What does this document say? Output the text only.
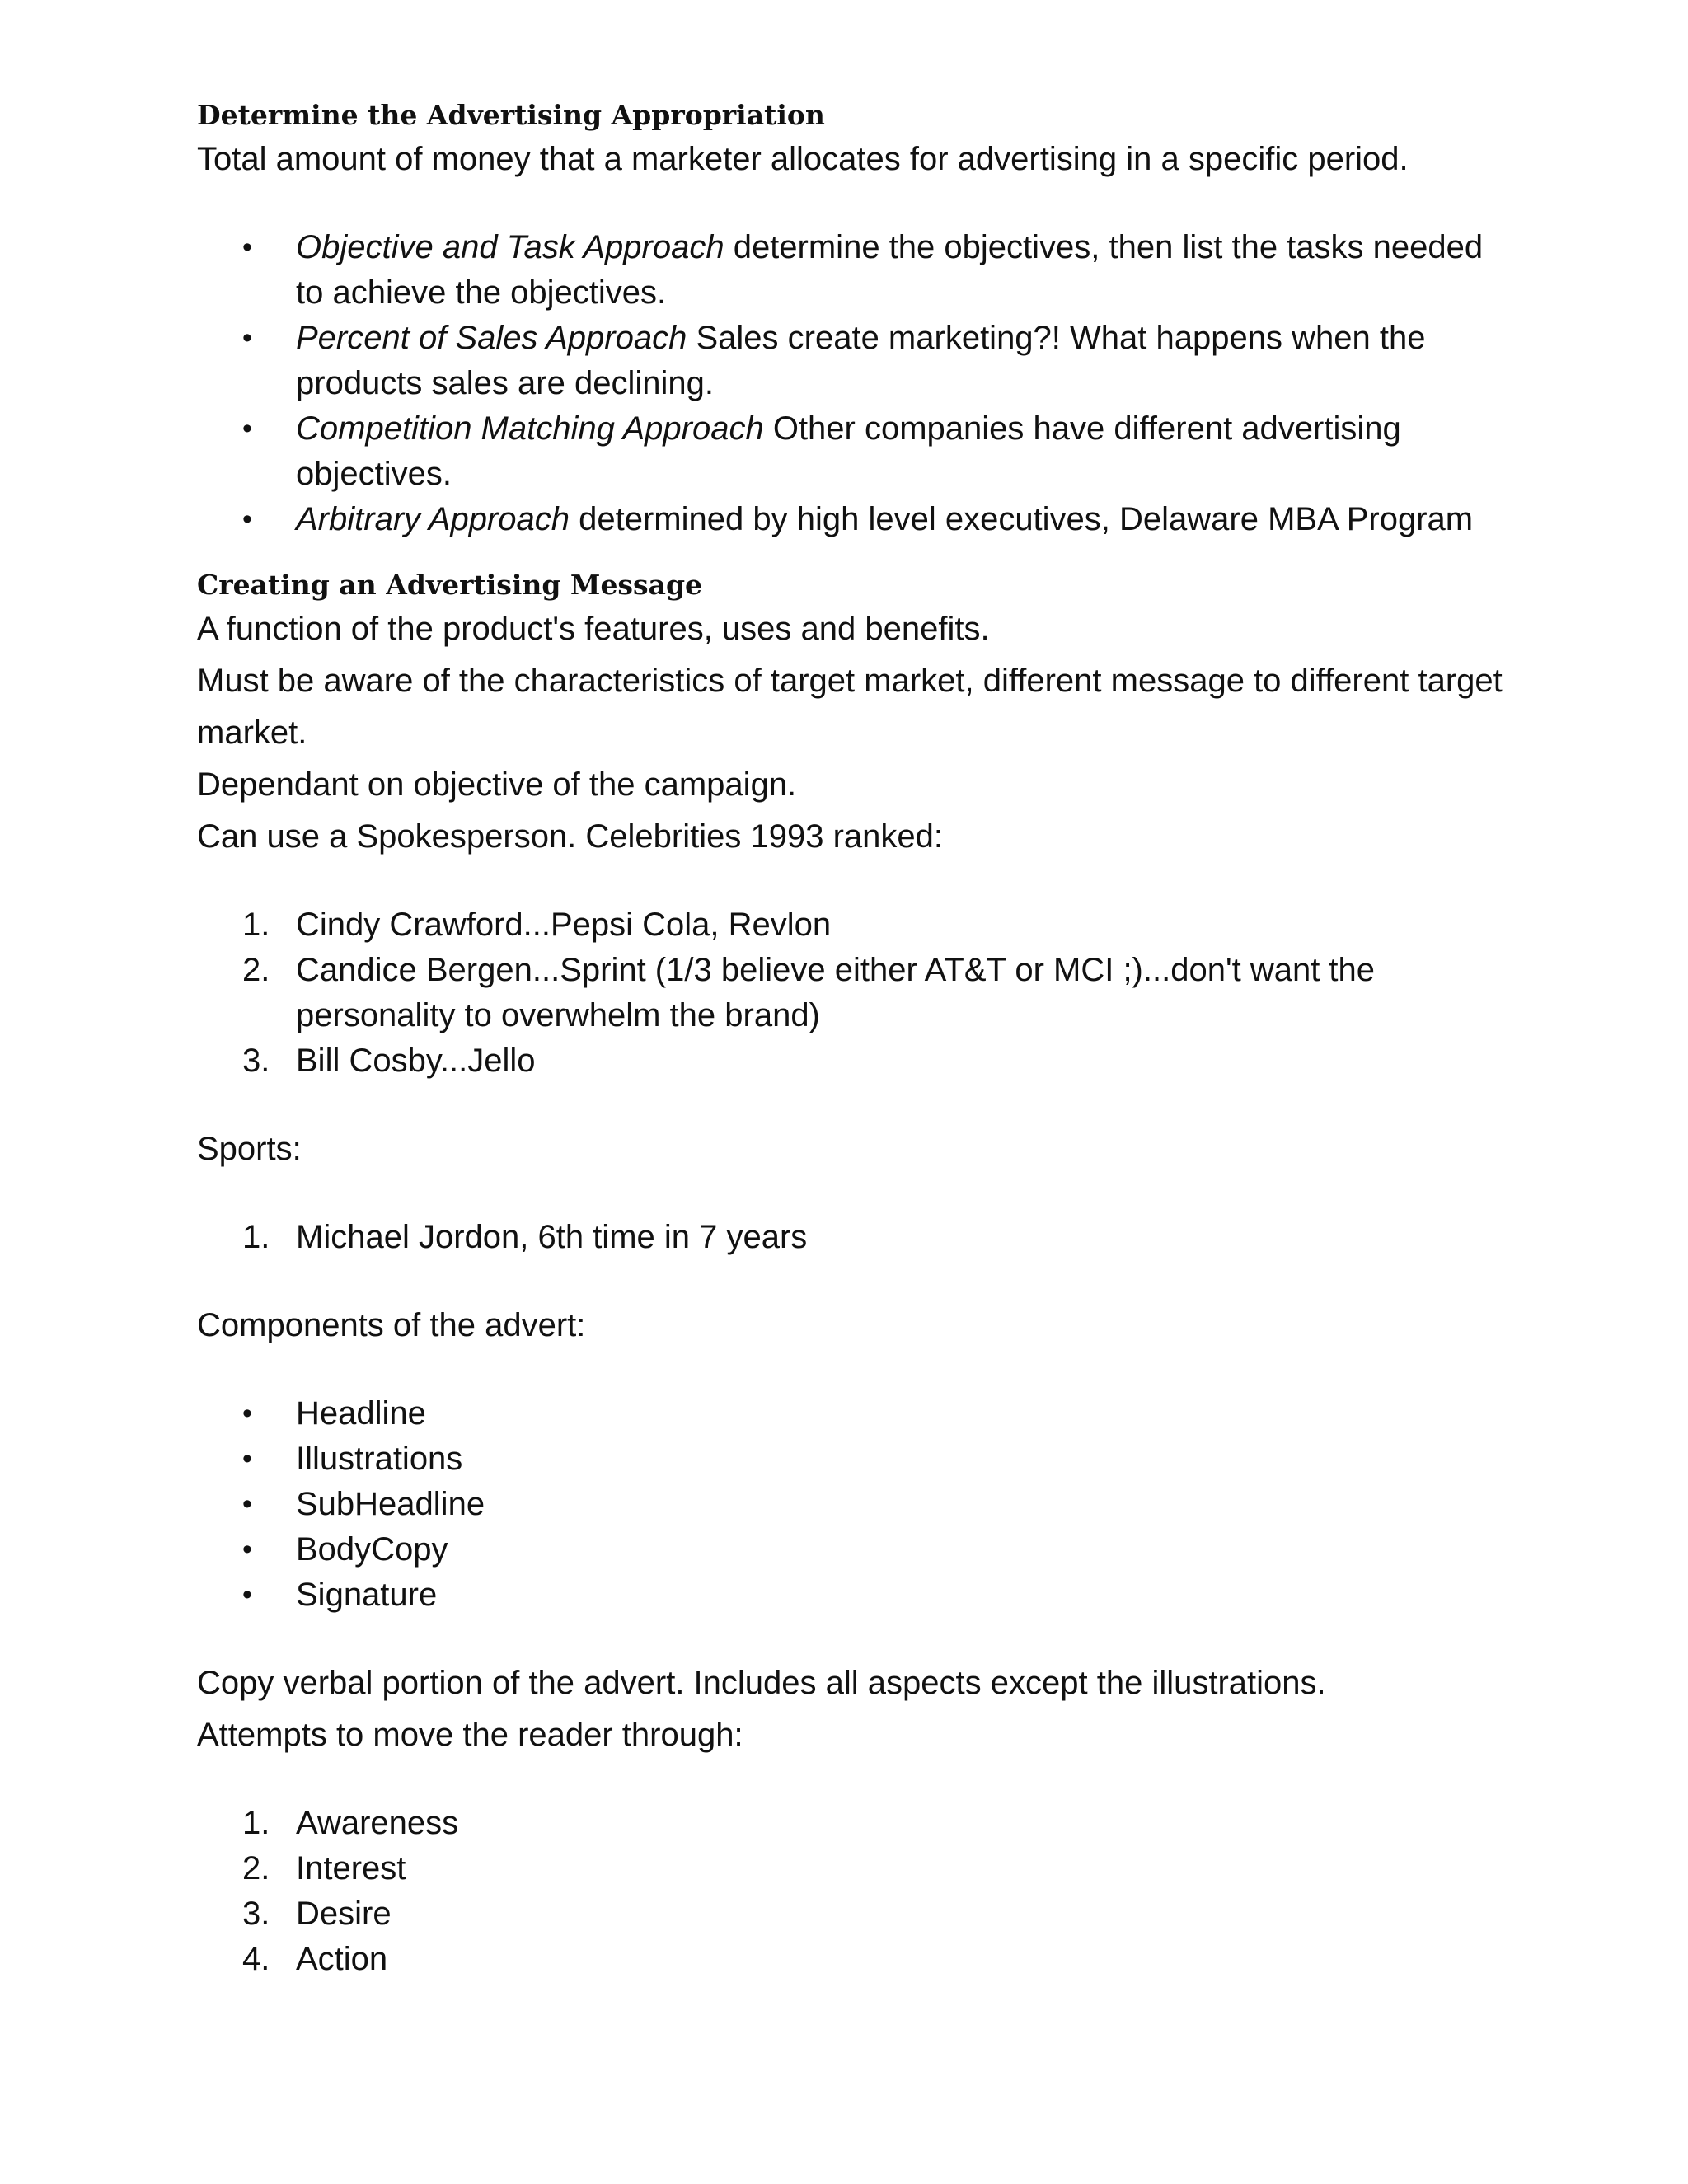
Determine the Advertising Appropriation

Total amount of money that a marketer allocates for advertising in a specific period.

•	Objective and Task Approach determine the objectives, then list the tasks needed to achieve the objectives.
•	Percent of Sales Approach Sales create marketing?! What happens when the products sales are declining.
•	Competition Matching Approach Other companies have different advertising objectives.
•	Arbitrary Approach determined by high level executives, Delaware MBA Program
Creating an Advertising Message

A function of the product's features, uses and benefits.

Must be aware of the characteristics of target market, different message to different target market.

Dependant on objective of the campaign.

Can use a Spokesperson. Celebrities 1993 ranked:

1. Cindy Crawford...Pepsi Cola, Revlon
2. Candice Bergen...Sprint (1/3 believe either AT&T or MCI ;)...don't want the personality to overwhelm the brand)
3. Bill Cosby...Jello

Sports:

1. Michael Jordon, 6th time in 7 years

Components of the advert:

•	Headline
•	Illustrations
•	SubHeadline
•	BodyCopy
•	Signature

Copy verbal portion of the advert. Includes all aspects except the illustrations.

Attempts to move the reader through:

1. Awareness
2. Interest
3. Desire
4. Action
